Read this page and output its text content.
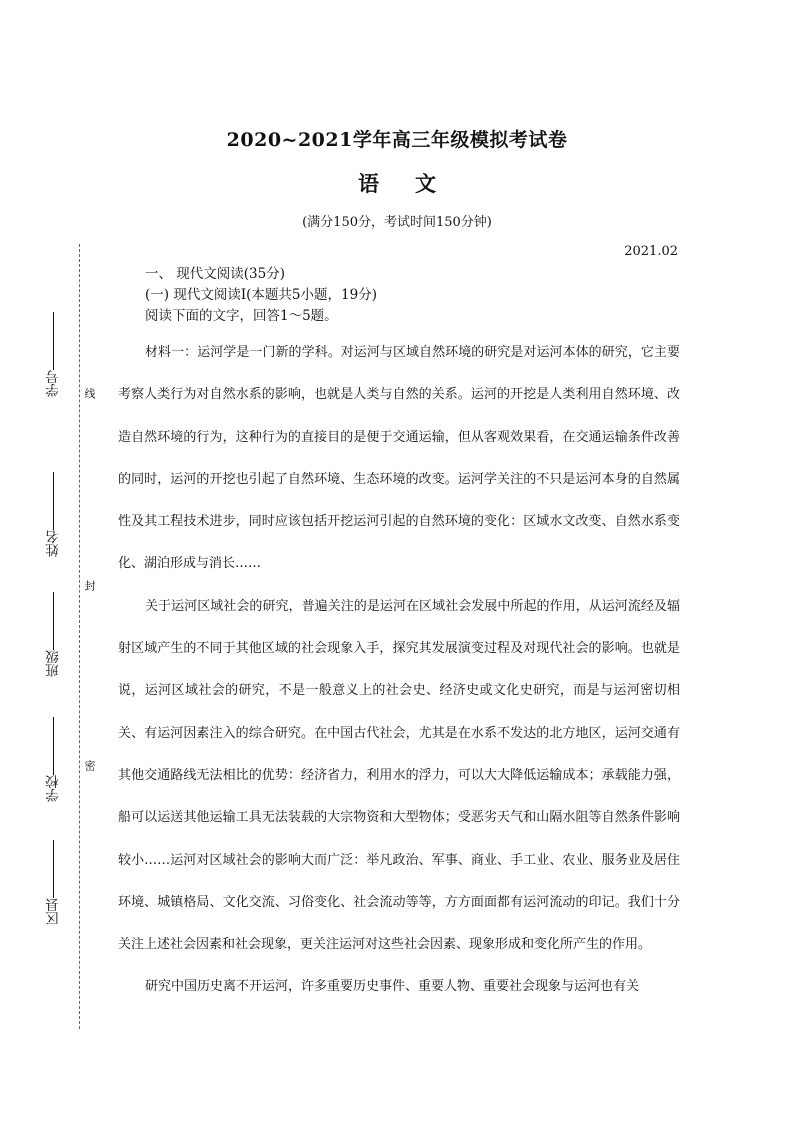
2020~2021学年高三年级模拟考试卷
语文
(满分150分，考试时间150分钟)
2021.02
学号
姓名
班级
学校
区县
线
封
密
一、 现代文阅读(35分)
(一) 现代文阅读Ⅰ(本题共5小题，19分)
阅读下面的文字，回答1～5题。

材料一：运河学是一门新的学科。对运河与区域自然环境的研究是对运河本体的研究，它主要考察人类行为对自然水系的影响，也就是人类与自然的关系。运河的开挖是人类利用自然环境、改造自然环境的行为，这种行为的直接目的是便于交通运输，但从客观效果看，在交通运输条件改善的同时，运河的开挖也引起了自然环境、生态环境的改变。运河学关注的不只是运河本身的自然属性及其工程技术进步，同时应该包括开挖运河引起的自然环境的变化：区域水文改变、自然水系变化、湖泊形成与消长……

关于运河区域社会的研究，普遍关注的是运河在区域社会发展中所起的作用，从运河流经及辐射区域产生的不同于其他区域的社会现象入手，探究其发展演变过程及对现代社会的影响。也就是说，运河区域社会的研究，不是一般意义上的社会史、经济史或文化史研究，而是与运河密切相关、有运河因素注入的综合研究。在中国古代社会，尤其是在水系不发达的北方地区，运河交通有其他交通路线无法相比的优势：经济省力，利用水的浮力，可以大大降低运输成本；承载能力强，船可以运送其他运输工具无法装载的大宗物资和大型物体；受恶劣天气和山隔水阻等自然条件影响较小……运河对区域社会的影响大而广泛：举凡政治、军事、商业、手工业、农业、服务业及居住环境、城镇格局、文化交流、习俗变化、社会流动等等，方方面面都有运河流动的印记。我们十分关注上述社会因素和社会现象，更关注运河对这些社会因素、现象形成和变化所产生的作用。

研究中国历史离不开运河，许多重要历史事件、重要人物、重要社会现象与运河也有关
